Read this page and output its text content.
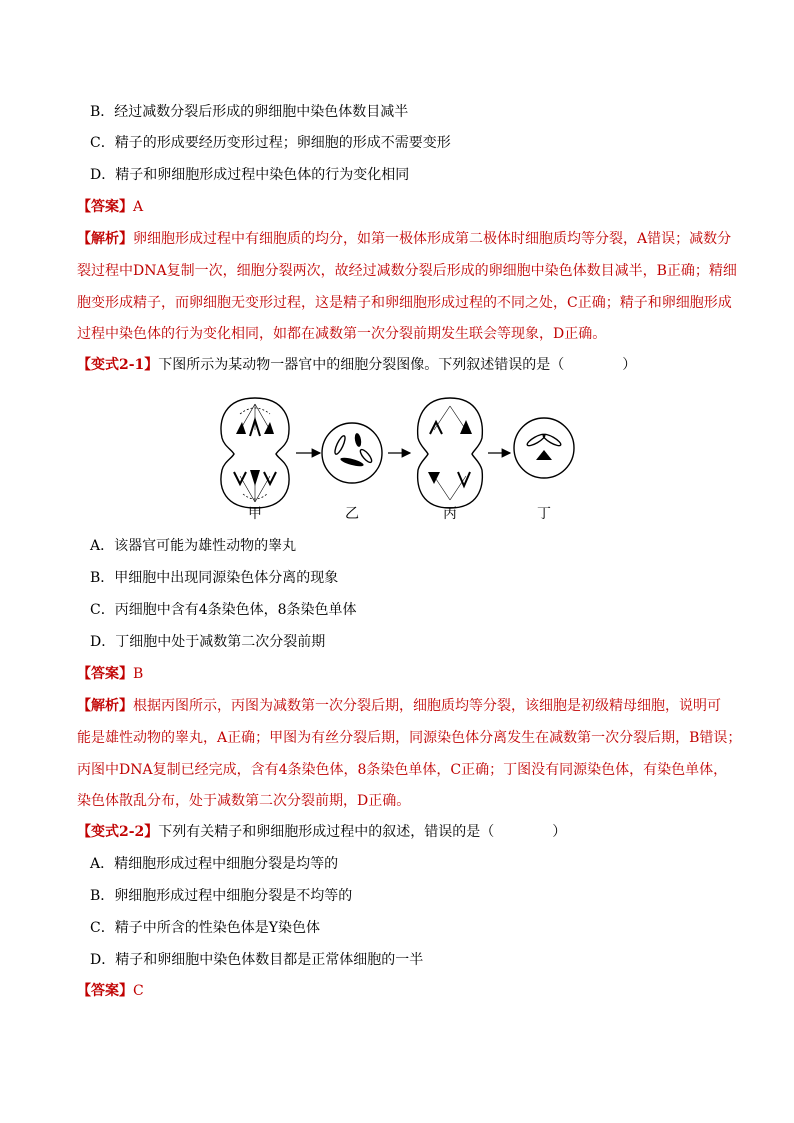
B．经过减数分裂后形成的卵细胞中染色体数目减半
C．精子的形成要经历变形过程；卵细胞的形成不需要变形
D．精子和卵细胞形成过程中染色体的行为变化相同
【答案】A
【解析】卵细胞形成过程中有细胞质的均分，如第一极体形成第二极体时细胞质均等分裂，A错误；减数分
裂过程中DNA复制一次，细胞分裂两次，故经过减数分裂后形成的卵细胞中染色体数目减半，B正确；精细
胞变形成精子，而卵细胞无变形过程，这是精子和卵细胞形成过程的不同之处，C正确；精子和卵细胞形成
过程中染色体的行为变化相同，如都在减数第一次分裂前期发生联会等现象，D正确。
【变式2-1】下图所示为某动物一器官中的细胞分裂图像。下列叙述错误的是（	）
甲	乙	丙	丁
A．该器官可能为雄性动物的睾丸
B．甲细胞中出现同源染色体分离的现象
C．丙细胞中含有4条染色体，8条染色单体
D．丁细胞中处于减数第二次分裂前期
【答案】B
【解析】根据丙图所示，丙图为减数第一次分裂后期，细胞质均等分裂，该细胞是初级精母细胞，说明可
能是雄性动物的睾丸，A正确；甲图为有丝分裂后期，同源染色体分离发生在减数第一次分裂后期，B错误；
丙图中DNA复制已经完成，含有4条染色体，8条染色单体，C正确；丁图没有同源染色体，有染色单体，
染色体散乱分布，处于减数第二次分裂前期，D正确。
【变式2-2】下列有关精子和卵细胞形成过程中的叙述，错误的是（	）
A．精细胞形成过程中细胞分裂是均等的
B．卵细胞形成过程中细胞分裂是不均等的
C．精子中所含的性染色体是Y染色体
D．精子和卵细胞中染色体数目都是正常体细胞的一半
【答案】C
